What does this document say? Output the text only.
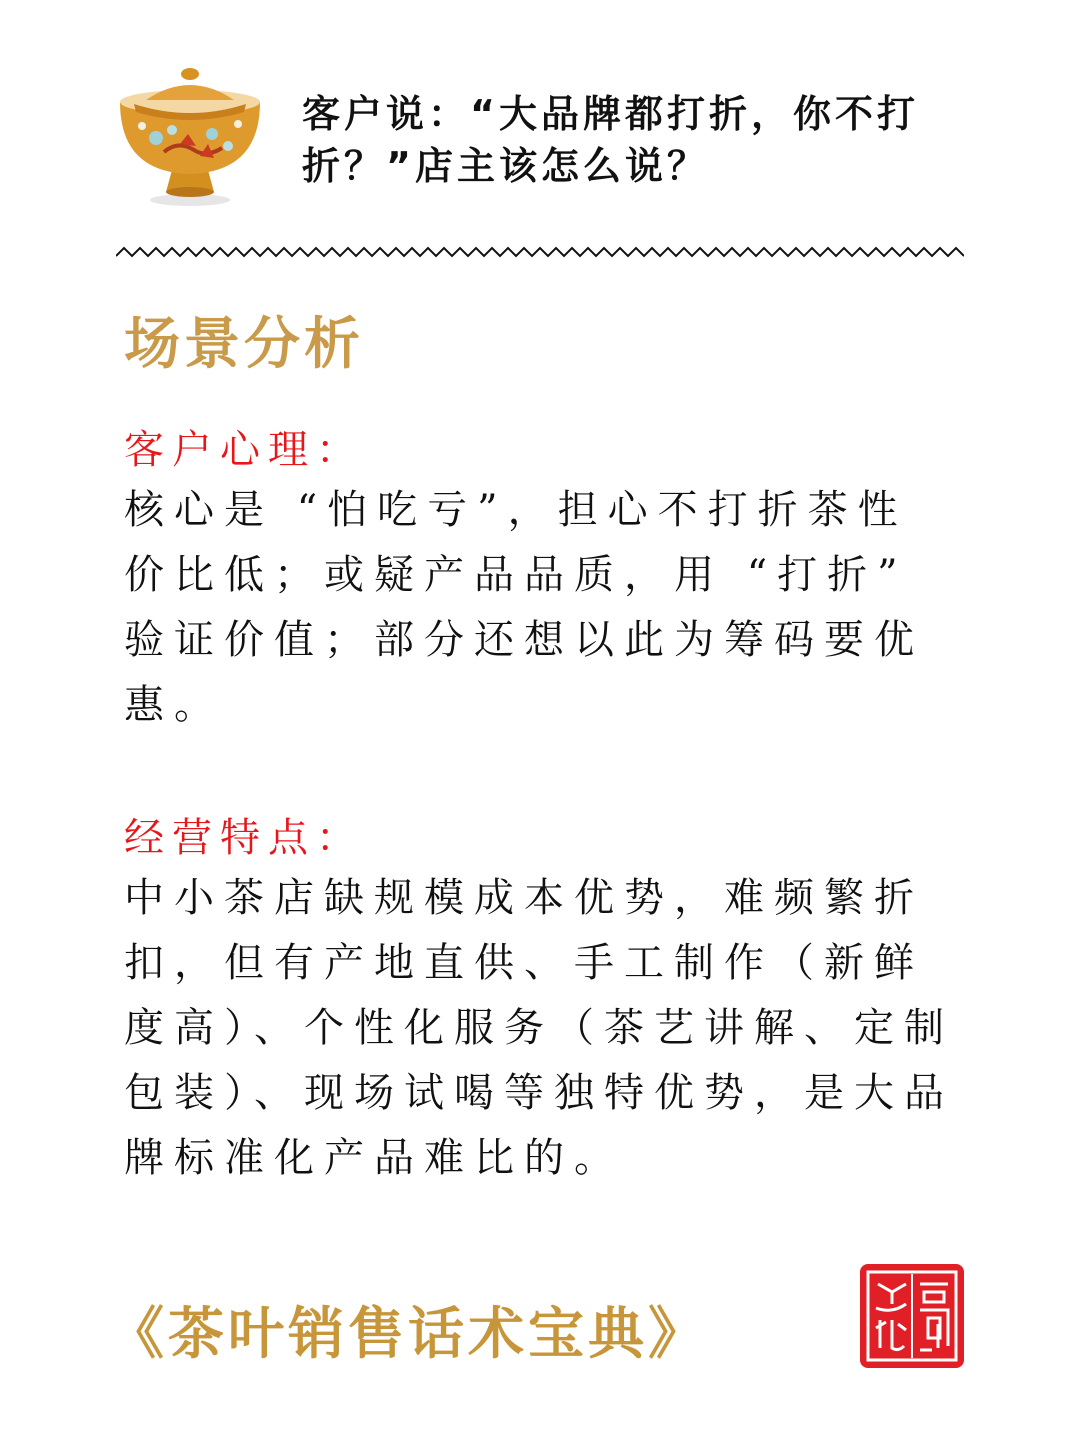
客户说：“大品牌都打折，你不打折？”店主该怎么说？
场景分析
客户心理：
核心是 “怕吃亏”，担心不打折茶性价比低；或疑产品品质，用 “打折” 验证价值；部分还想以此为筹码要优惠。
经营特点：
中小茶店缺规模成本优势，难频繁折扣，但有产地直供、手工制作（新鲜度高）、个性化服务（茶艺讲解、定制包装）、现场试喝等独特优势，是大品牌标准化产品难比的。
《茶叶销售话术宝典》
